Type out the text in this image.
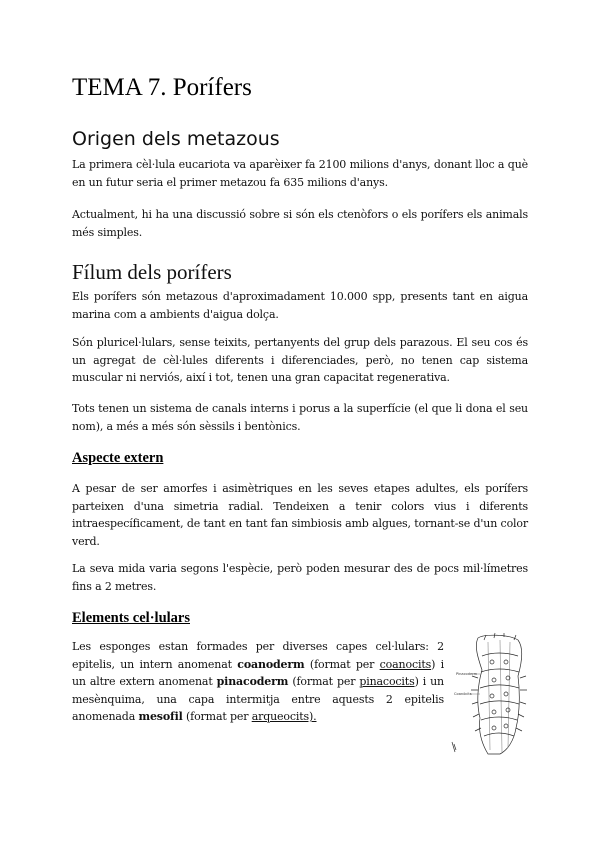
TEMA 7. Porífers
Origen dels metazous

La primera cèl·lula eucariota va aparèixer fa 2100 milions d'anys, donant lloc a què en un futur seria el primer metazou fa 635 milions d'anys.

Actualment, hi ha una discussió sobre si són els ctenòfors o els porífers els animals més simples.

Fílum dels porífers

Els porífers són metazous d'aproximadament 10.000 spp, presents tant en aigua marina com a ambients d'aigua dolça.

Són pluricel·lulars, sense teixits, pertanyents del grup dels parazous. El seu cos és un agregat de cèl·lules diferents i diferenciades, però, no tenen cap sistema muscular ni nerviós, així i tot, tenen una gran capacitat regenerativa.

Tots tenen un sistema de canals interns i porus a la superfície (el que li dona el seu nom), a més a més són sèssils i bentònics.

Aspecte extern

A pesar de ser amorfes i asimètriques en les seves etapes adultes, els porífers parteixen d'una simetria radial. Tendeixen a tenir colors vius i diferents intraespecíficament, de tant en tant fan simbiosis amb algues, tornant-se d'un color verd.

La seva mida varia segons l'espècie, però poden mesurar des de pocs mil·límetres fins a 2 metres.

Elements cel·lulars

Les esponges estan formades per diverses capes cel·lulars: 2 epitelis, un intern anomenat coanoderm (format per coanocits) i un altre extern anomenat pinacoderm (format per pinacocits) i un mesènquima, una capa intermitja entre aquests 2 epitelis anomenada mesofil (format per arqueocits).

Pinacoderm
Coanòcits
